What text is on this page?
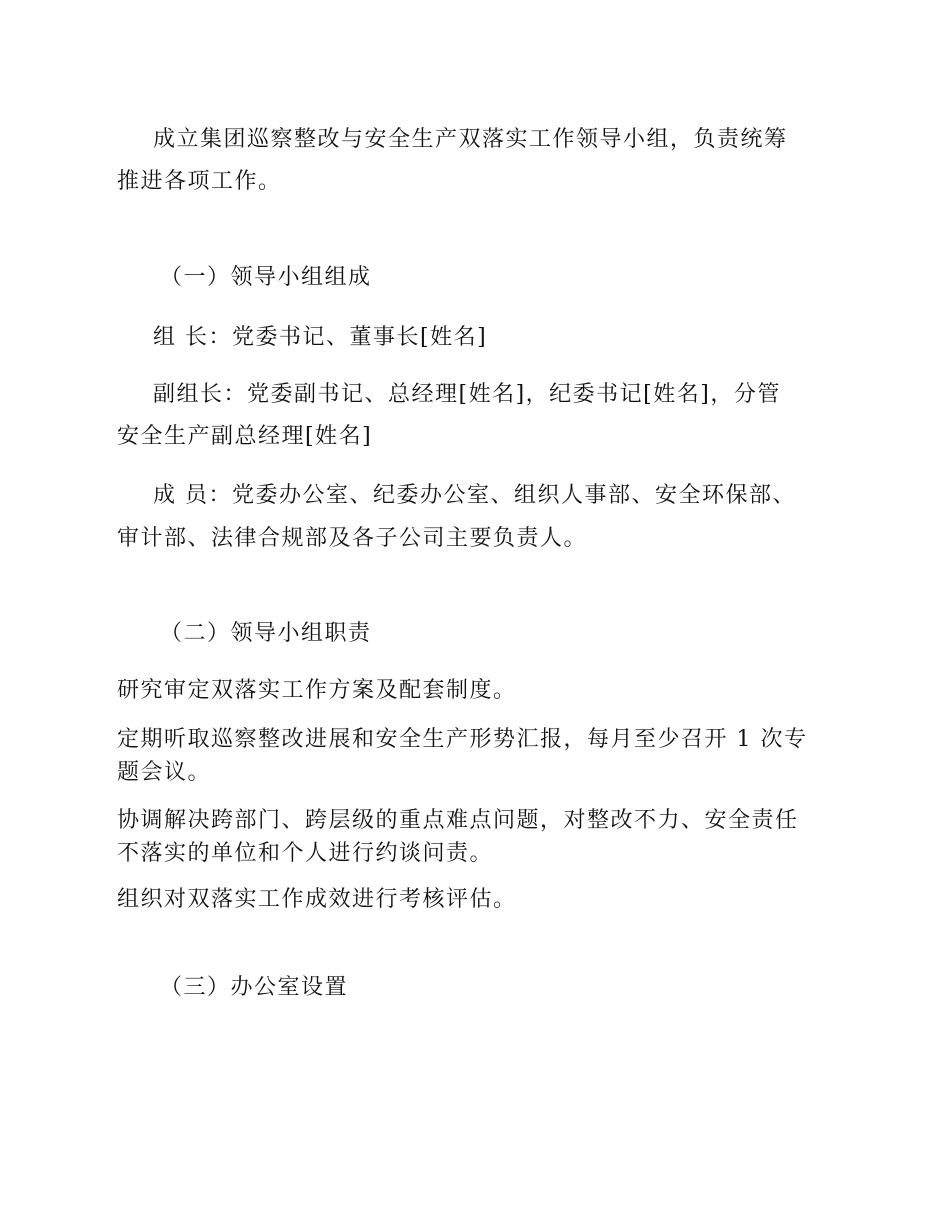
成立集团巡察整改与安全生产双落实工作领导小组，负责统筹
推进各项工作。
（一）领导小组组成
组 长：党委书记、董事长[姓名]
副组长：党委副书记、总经理[姓名]，纪委书记[姓名]，分管
安全生产副总经理[姓名]
成 员：党委办公室、纪委办公室、组织人事部、安全环保部、
审计部、法律合规部及各子公司主要负责人。
（二）领导小组职责
研究审定双落实工作方案及配套制度。
定期听取巡察整改进展和安全生产形势汇报，每月至少召开 1 次专
题会议。
协调解决跨部门、跨层级的重点难点问题，对整改不力、安全责任
不落实的单位和个人进行约谈问责。
组织对双落实工作成效进行考核评估。
（三）办公室设置
